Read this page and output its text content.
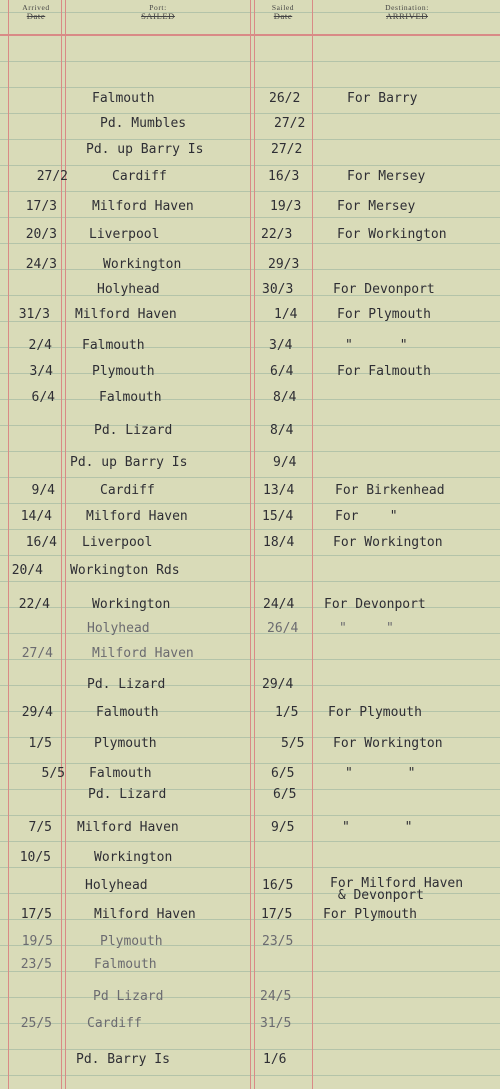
Arrived
Date
Port:
SAILED
Sailed
Date
Destination:
ARRIVED
Falmouth	26/2	For Barry
Pd. Mumbles	27/2
Pd. up Barry Is	27/2
27/2	Cardiff	16/3	For Mersey
17/3	Milford Haven	19/3	For Mersey
20/3 Liverpool	22/3	For Workington
24/3	Workington	29/3
Holyhead	30/3	For Devonport
31/3 Milford Haven	1/4	For Plymouth
2/4 Falmouth	3/4	"      "
3/4	Plymouth	6/4	For Falmouth
6/4	Falmouth	8/4
Pd. Lizard	8/4
Pd. up Barry Is	9/4
9/4	Cardiff	13/4	For Birkenhead
14/4	Milford Haven	15/4	For    "
16/4 Liverpool	18/4	For Workington
20/4 Workington Rds
22/4	Workington	24/4 For Devonport
Holyhead	26/4	"     "
27/4	Milford Haven
Pd. Lizard	29/4
29/4	Falmouth	1/5 For Plymouth
1/5	Plymouth	5/5 For Workington
5/5 Falmouth	6/5	"       "
Pd. Lizard	6/5
7/5 Milford Haven	9/5	"       "
10/5	Workington
Holyhead	16/5	For Milford Haven
& Devonport
17/5	Milford Haven	17/5 For Plymouth
19/5	Plymouth	23/5
23/5	Falmouth
Pd Lizard	24/5
25/5	Cardiff	31/5
Pd. Barry Is	1/6
